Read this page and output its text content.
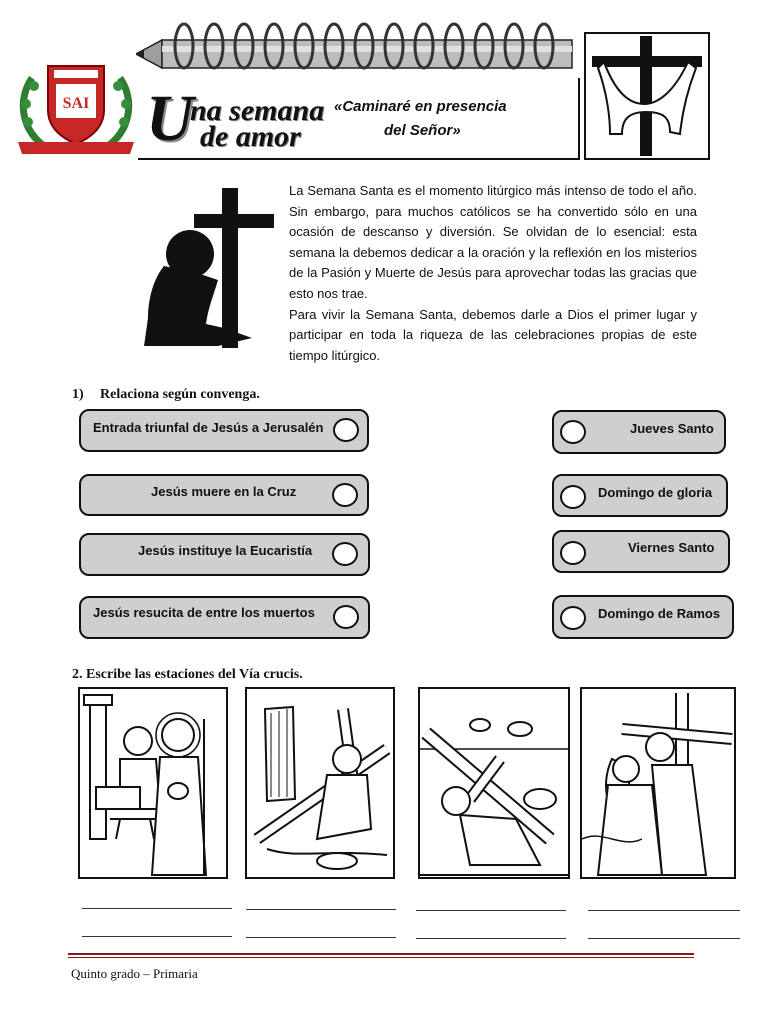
SAI U
na semana
de amor
«Caminaré en presencia
del Señor»

La Semana Santa es el momento litúrgico más intenso de todo el año. Sin embargo, para muchos católicos se ha convertido sólo en una ocasión de descanso y diversión. Se olvidan de lo esencial: esta semana la debemos dedicar a la oración y la reflexión en los misterios de la Pasión y Muerte de Jesús para aprovechar todas las gracias que esto nos trae.

Para vivir la Semana Santa, debemos darle a Dios el primer lugar y participar en toda la riqueza de las celebraciones propias de este tiempo litúrgico.

1) Relaciona según convenga.
Entrada triunfal de Jesús a Jerusalén
Jesús muere en la Cruz
Jesús instituye la Eucaristía
Jesús resucita de entre los muertos
Jueves Santo
Domingo de gloria
Viernes Santo
Domingo de Ramos
2. Escribe las estaciones del Vía crucis.
Quinto grado – Primaria
